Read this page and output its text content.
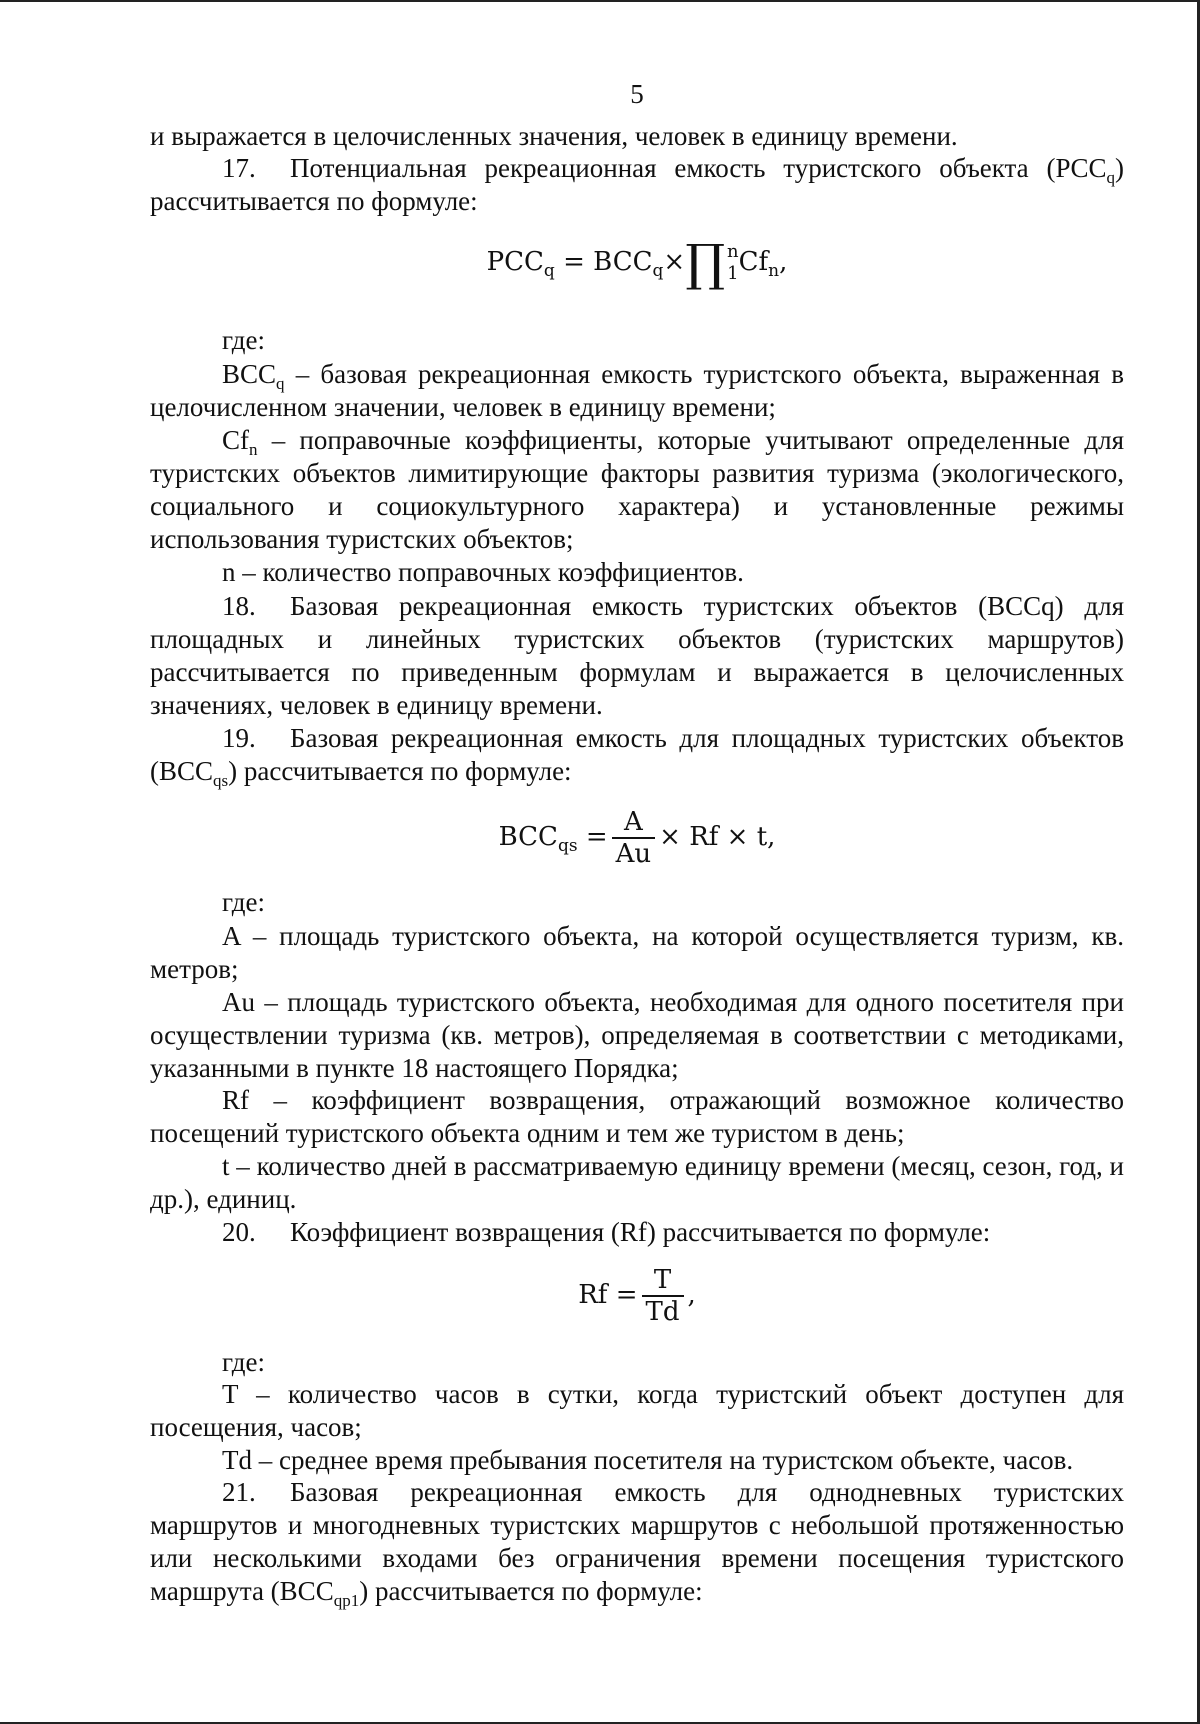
5

и выражается в целочисленных значения, человек в единицу времени.

17. Потенциальная рекреационная емкость туристского объекта $(PCC_q)$ рассчитывается по формуле:

$PCC_q$ = $BCC_q\times\prod$ n
1 $Cf_n$,

где:

$BCC_q$ – базовая рекреационная емкость туристского объекта, выраженная в целочисленном значении, человек в единицу времени;

$Cf_n$ – поправочные коэффициенты, которые учитывают определенные для туристских объектов лимитирующие факторы развития туризма (экологического, социального и социокультурного характера) и установленные режимы использования туристских объектов;

n – количество поправочных коэффициентов.

18. Базовая рекреационная емкость туристских объектов (BCCq) для площадных и линейных туристских объектов (туристских маршрутов) рассчитывается по приведенным формулам и выражается в целочисленных значениях, человек в единицу времени.

19. Базовая рекреационная емкость для площадных туристских объектов $(BCC_{qs})$ рассчитывается по формуле:

$BCC_{qs} = \frac{A}{Au} \times Rf \times t$,

где:

A – площадь туристского объекта, на которой осуществляется туризм, кв. метров;

Au – площадь туристского объекта, необходимая для одного посетителя при осуществлении туризма (кв. метров), определяемая в соответствии с методиками, указанными в пункте 18 настоящего Порядка;

Rf – коэффициент возвращения, отражающий возможное количество посещений туристского объекта одним и тем же туристом в день;

t – количество дней в рассматриваемую единицу времени (месяц, сезон, год, и др.), единиц.

20. Коэффициент возвращения (Rf) рассчитывается по формуле:

$Rf = \frac{T}{Td}$ ,

где:

T – количество часов в сутки, когда туристский объект доступен для посещения, часов;

Td – среднее время пребывания посетителя на туристском объекте, часов.

21. Базовая рекреационная емкость для однодневных туристских маршрутов и многодневных туристских маршрутов с небольшой протяженностью или несколькими входами без ограничения времени посещения туристского маршрута $(BCC_{qp1})$ рассчитывается по формуле:
